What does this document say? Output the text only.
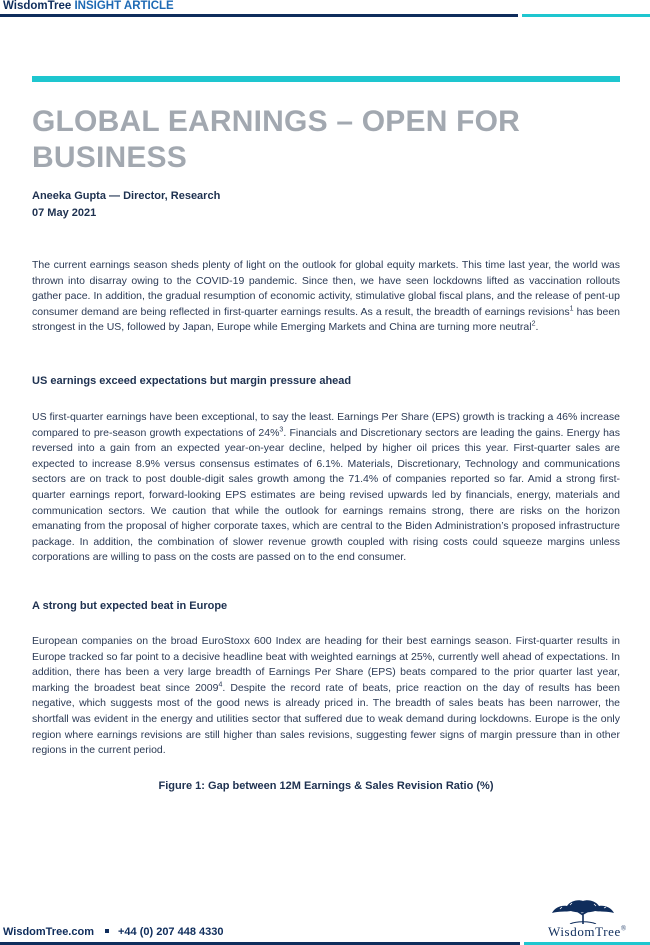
WisdomTree INSIGHT ARTICLE
GLOBAL EARNINGS – OPEN FOR BUSINESS
Aneeka Gupta — Director, Research
07 May 2021

The current earnings season sheds plenty of light on the outlook for global equity markets. This time last year, the world was thrown into disarray owing to the COVID-19 pandemic. Since then, we have seen lockdowns lifted as vaccination rollouts gather pace. In addition, the gradual resumption of economic activity, stimulative global fiscal plans, and the release of pent-up consumer demand are being reflected in first-quarter earnings results. As a result, the breadth of earnings revisions$^1$ has been strongest in the US, followed by Japan, Europe while Emerging Markets and China are turning more neutral$^2$.

US earnings exceed expectations but margin pressure ahead

US first-quarter earnings have been exceptional, to say the least. Earnings Per Share (EPS) growth is tracking a 46% increase compared to pre-season growth expectations of 24%$^3$. Financials and Discretionary sectors are leading the gains. Energy has reversed into a gain from an expected year-on-year decline, helped by higher oil prices this year. First-quarter sales are expected to increase 8.9% versus consensus estimates of 6.1%. Materials, Discretionary, Technology and communications sectors are on track to post double-digit sales growth among the 71.4% of companies reported so far. Amid a strong first-quarter earnings report, forward-looking EPS estimates are being revised upwards led by financials, energy, materials and communication sectors. We caution that while the outlook for earnings remains strong, there are risks on the horizon emanating from the proposal of higher corporate taxes, which are central to the Biden Administration’s proposed infrastructure package. In addition, the combination of slower revenue growth coupled with rising costs could squeeze margins unless corporations are willing to pass on the costs are passed on to the end consumer.

A strong but expected beat in Europe

European companies on the broad EuroStoxx 600 Index are heading for their best earnings season. First-quarter results in Europe tracked so far point to a decisive headline beat with weighted earnings at 25%, currently well ahead of expectations. In addition, there has been a very large breadth of Earnings Per Share (EPS) beats compared to the prior quarter last year, marking the broadest beat since 2009$^4$. Despite the record rate of beats, price reaction on the day of results has been negative, which suggests most of the good news is already priced in. The breadth of sales beats has been narrower, the shortfall was evident in the energy and utilities sector that suffered due to weak demand during lockdowns. Europe is the only region where earnings revisions are still higher than sales revisions, suggesting fewer signs of margin pressure than in other regions in the current period.

Figure 1: Gap between 12M Earnings & Sales Revision Ratio (%)

WisdomTree®
WisdomTree.com +44 (0) 207 448 4330
